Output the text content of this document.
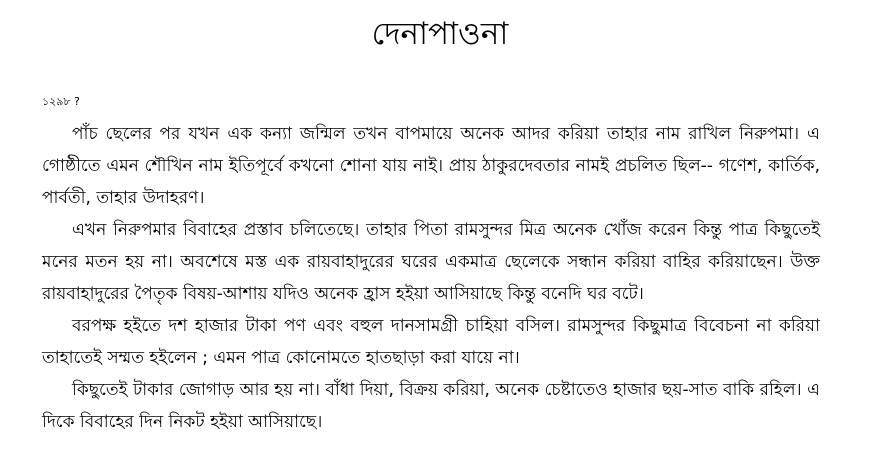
দেনাপাওনা
১২৯৮ ?

পাঁচ ছেলের পর যখন এক কন্যা জন্মিল তখন বাপমায়ে অনেক আদর করিয়া তাহার নাম রাখিল নিরুপমা। এ গোষ্ঠীতে এমন শৌখিন নাম ইতিপূর্বে কখনো শোনা যায় নাই। প্রায় ঠাকুরদেবতার নামই প্রচলিত ছিল-- গণেশ, কার্তিক, পার্বতী, তাহার উদাহরণ।

এখন নিরুপমার বিবাহের প্রস্তাব চলিতেছে। তাহার পিতা রামসুন্দর মিত্র অনেক খোঁজ করেন কিন্তু পাত্র কিছুতেই মনের মতন হয় না। অবশেষে মস্ত এক রায়বাহাদুরের ঘরের একমাত্র ছেলেকে সন্ধান করিয়া বাহির করিয়াছেন। উক্ত রায়বাহাদুরের পৈতৃক বিষয়-আশায় যদিও অনেক হ্রাস হইয়া আসিয়াছে কিন্তু বনেদি ঘর বটে।

বরপক্ষ হইতে দশ হাজার টাকা পণ এবং বহুল দানসামগ্রী চাহিয়া বসিল। রামসুন্দর কিছুমাত্র বিবেচনা না করিয়া তাহাতেই সম্মত হইলেন ; এমন পাত্র কোনোমতে হাতছাড়া করা যায়ে না।

কিছুতেই টাকার জোগাড় আর হয় না। বাঁধা দিয়া, বিক্রয় করিয়া, অনেক চেষ্টাতেও হাজার ছয়-সাত বাকি রহিল। এ দিকে বিবাহের দিন নিকট হইয়া আসিয়াছে।
